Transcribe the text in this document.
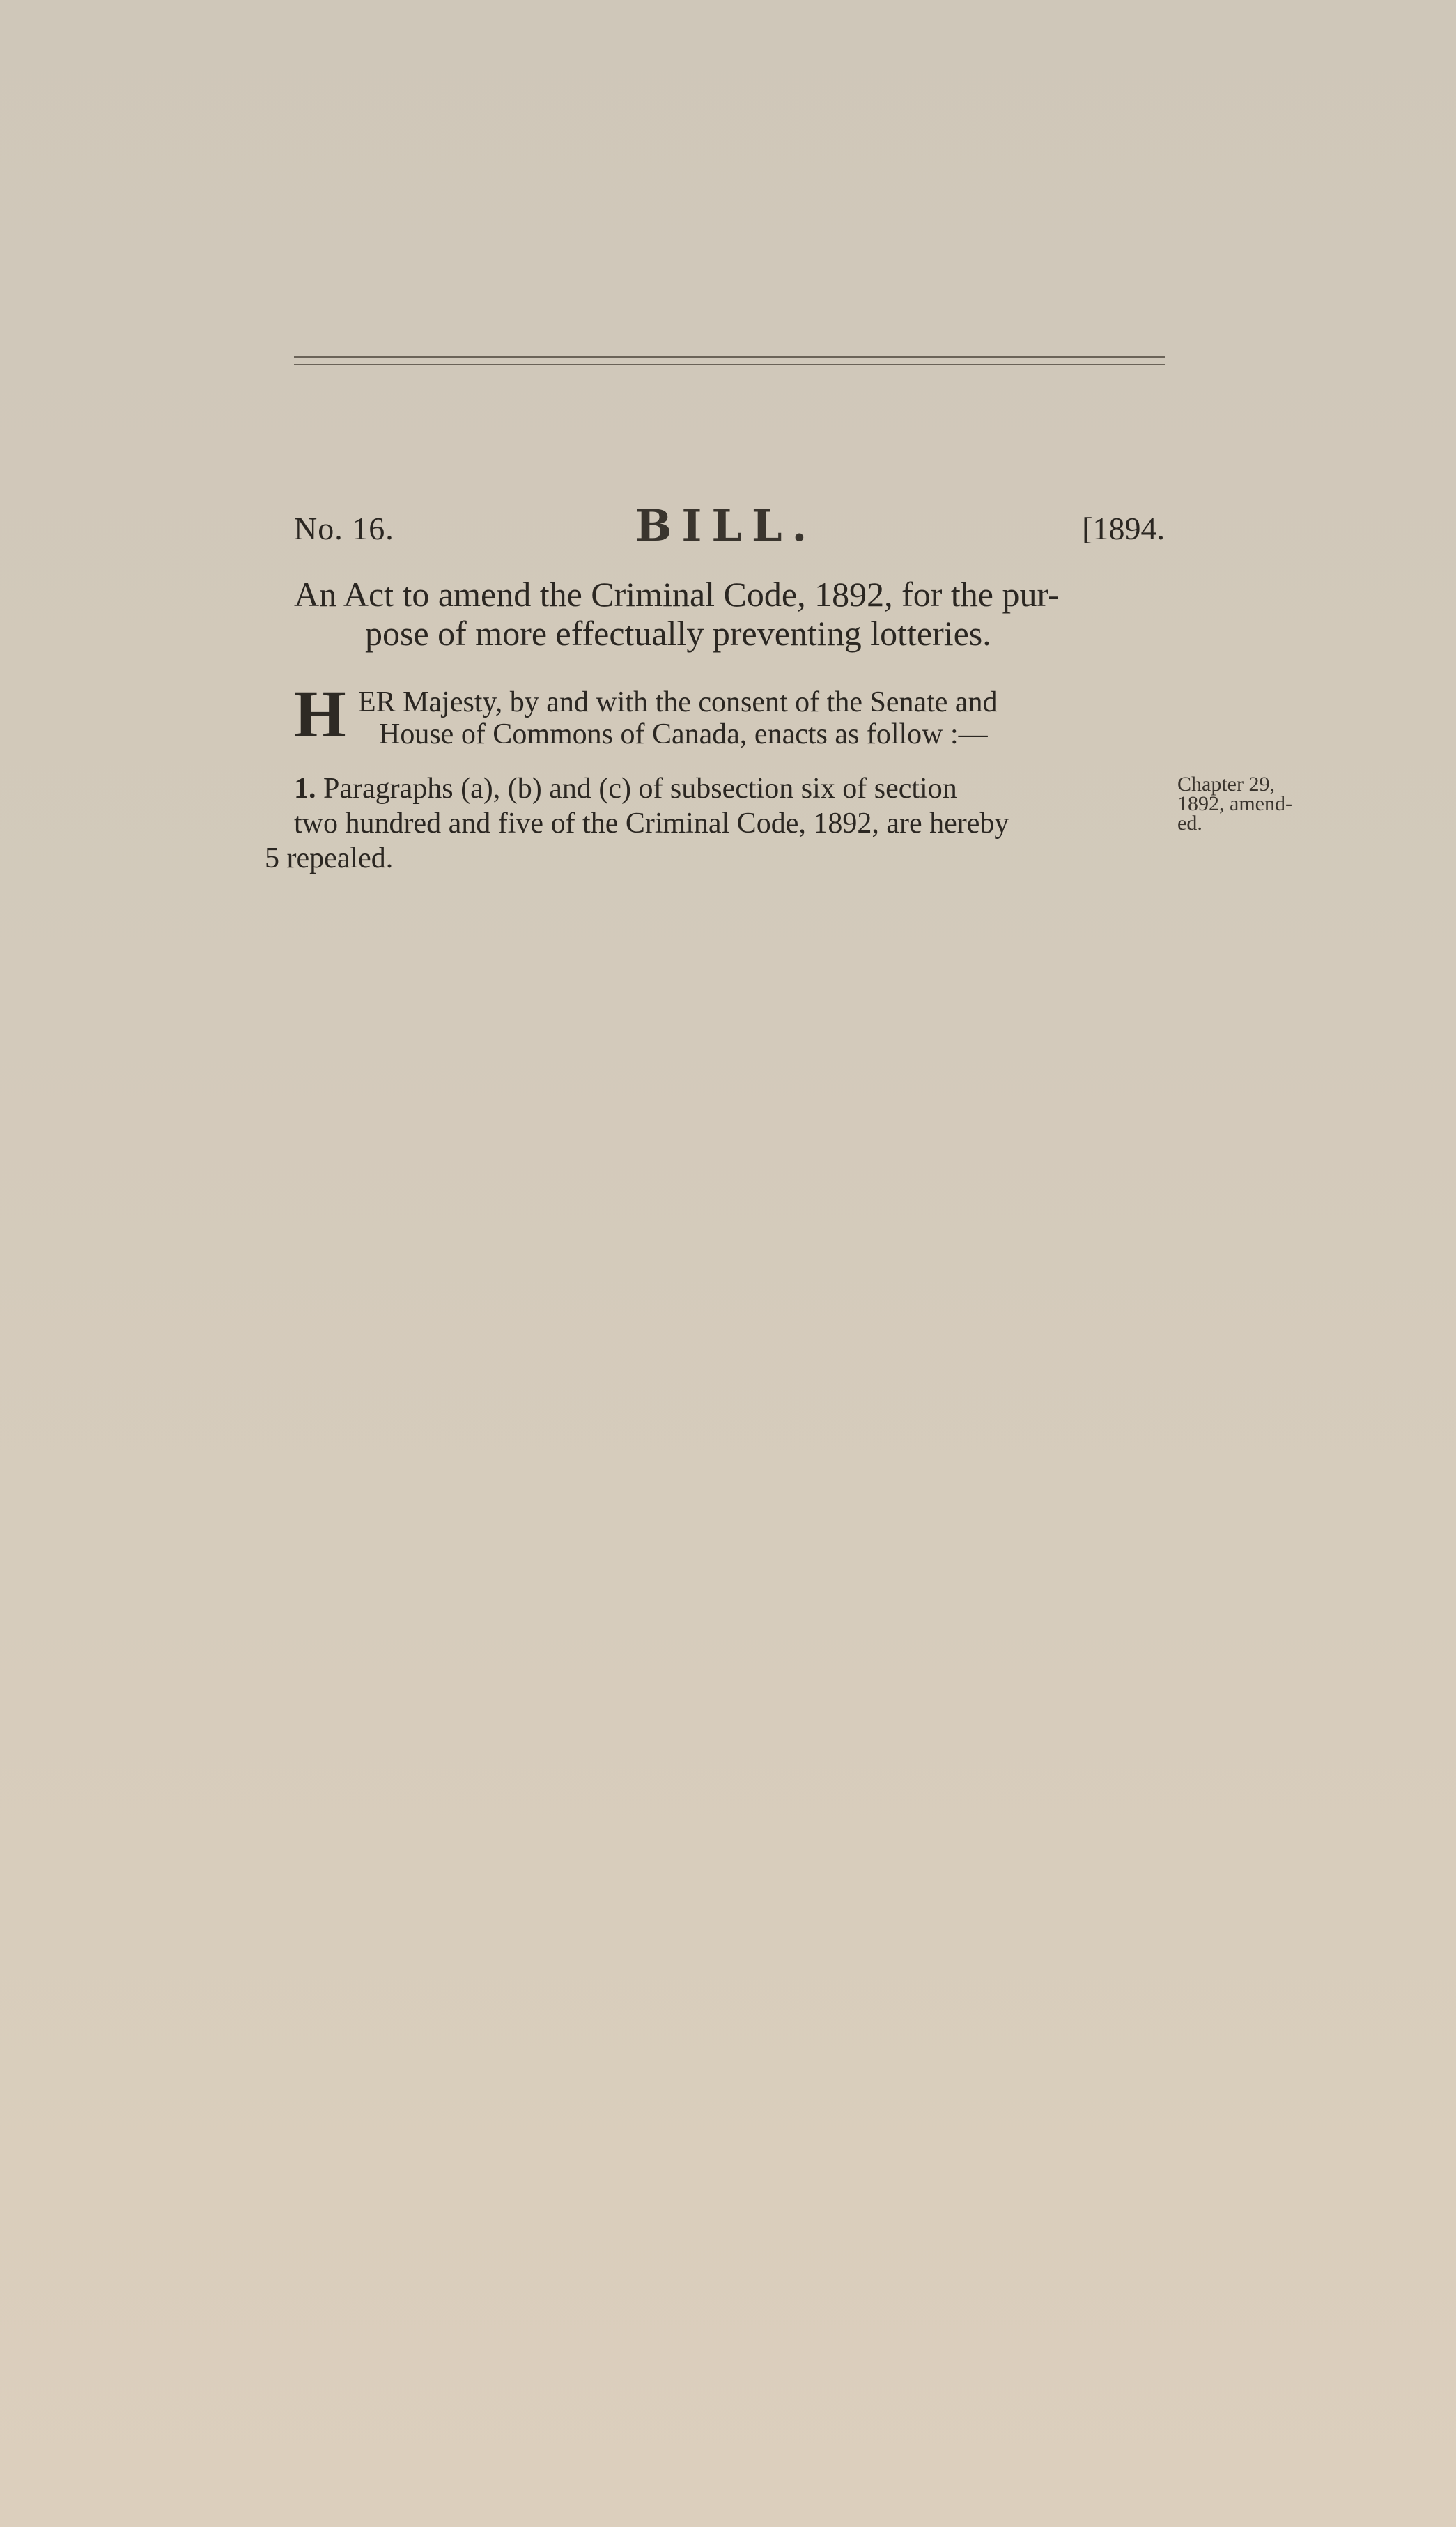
No. 16.	BILL.	[1894.
An Act to amend the Criminal Code, 1892, for the pur-
pose of more effectually preventing lotteries.
H ER Majesty, by and with the consent of the Senate and
House of Commons of Canada, enacts as follow :—
1. Paragraphs (a), (b) and (c) of subsection six of section
two hundred and five of the Criminal Code, 1892, are hereby
5 repealed.
Chapter 29,
1892, amend-
ed.
